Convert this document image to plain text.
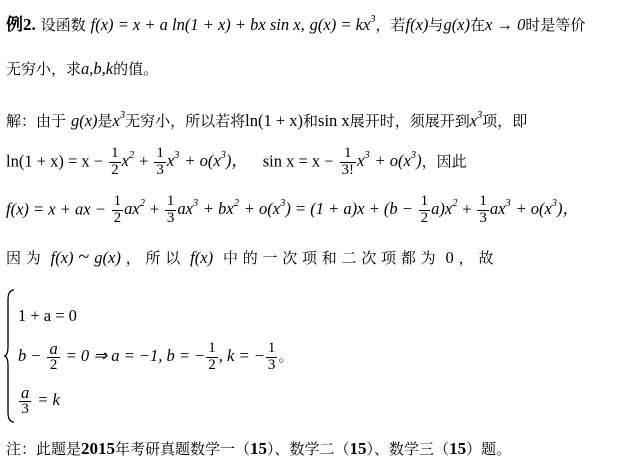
例2. 设函数 f(x) = x + a ln(1 + x) + bx sin x, $g(x) = kx^3$，若f(x)与g(x)在x → 0时是等价
无穷小，求a,b,k的值。
解：由于 g(x)是$x^3$无穷小，所以若将ln(1 + x)和sin x展开时，须展开到$x^3$项，即
$\ln(1 + x) = x - \frac{1}{2} x^2 + \frac{1}{3} x^3 + o(x^3)$， $\sin x = x - \frac{1}{3!} x^3 + o(x^3)$，因此
f(x) = x + ax − $\frac{1}{2} ax^2 + \frac{1}{3} ax^3 + bx^2 + o(x^3) = (1 + a)x + (b - \frac{1}{2} a)x^2 + \frac{1}{3} ax^3 + o(x^3)$，
因 为 f(x) ~ g(x) ， 所 以 f(x) 中 的 一 次 项 和 二 次 项 都 为 0 ， 故
1 + a = 0
$b - \frac{a}{2} = 0$ ⇒ a = −1, b = − $\frac{1}{2}$ , k = − $\frac{1}{3}$ 。
$\frac{a}{3} = k$
注：此题是2015年考研真题数学一（15）、数学二（15）、数学三（15）题。
